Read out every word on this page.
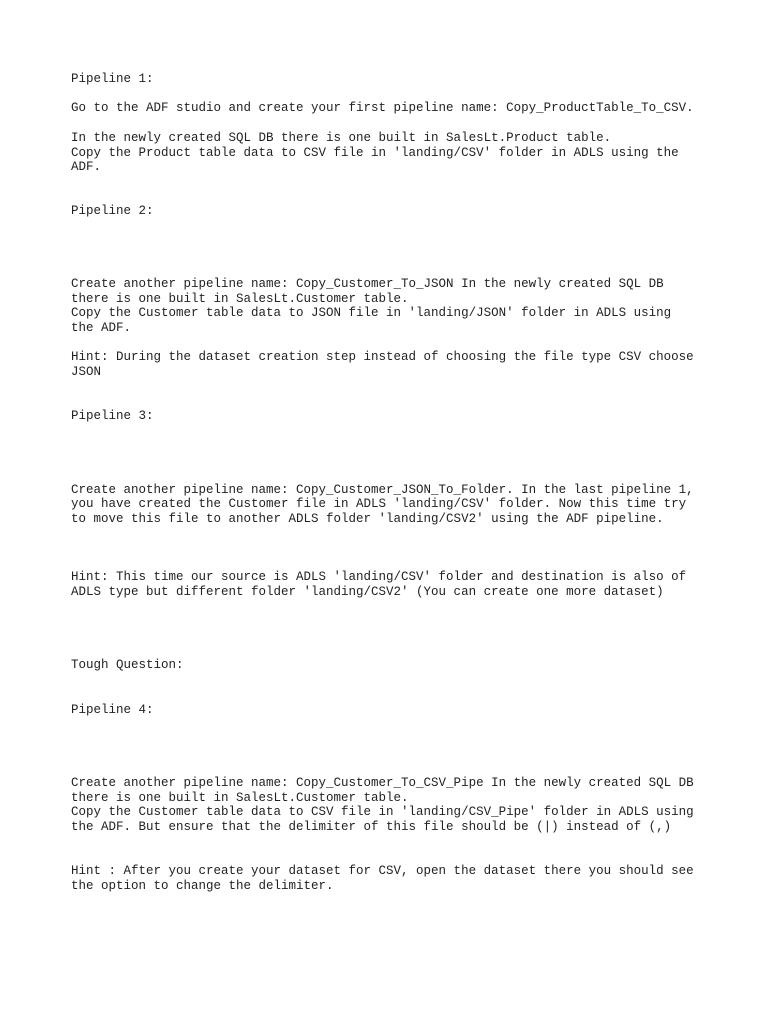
Pipeline 1:

Go to the ADF studio and create your first pipeline name: Copy_ProductTable_To_CSV.

In the newly created SQL DB there is one built in SalesLt.Product table.

Copy the Product table data to CSV file in 'landing/CSV' folder in ADLS using the

ADF.

Pipeline 2:

Create another pipeline name: Copy_Customer_To_JSON In the newly created SQL DB

there is one built in SalesLt.Customer table.

Copy the Customer table data to JSON file in 'landing/JSON' folder in ADLS using

the ADF.

Hint: During the dataset creation step instead of choosing the file type CSV choose

JSON

Pipeline 3:

Create another pipeline name: Copy_Customer_JSON_To_Folder. In the last pipeline 1,

you have created the Customer file in ADLS 'landing/CSV' folder. Now this time try

to move this file to another ADLS folder 'landing/CSV2' using the ADF pipeline.

Hint: This time our source is ADLS 'landing/CSV' folder and destination is also of

ADLS type but different folder 'landing/CSV2' (You can create one more dataset)

Tough Question:

Pipeline 4:

Create another pipeline name: Copy_Customer_To_CSV_Pipe In the newly created SQL DB

there is one built in SalesLt.Customer table.

Copy the Customer table data to CSV file in 'landing/CSV_Pipe' folder in ADLS using

the ADF. But ensure that the delimiter of this file should be (|) instead of (,)

Hint : After you create your dataset for CSV, open the dataset there you should see

the option to change the delimiter.
